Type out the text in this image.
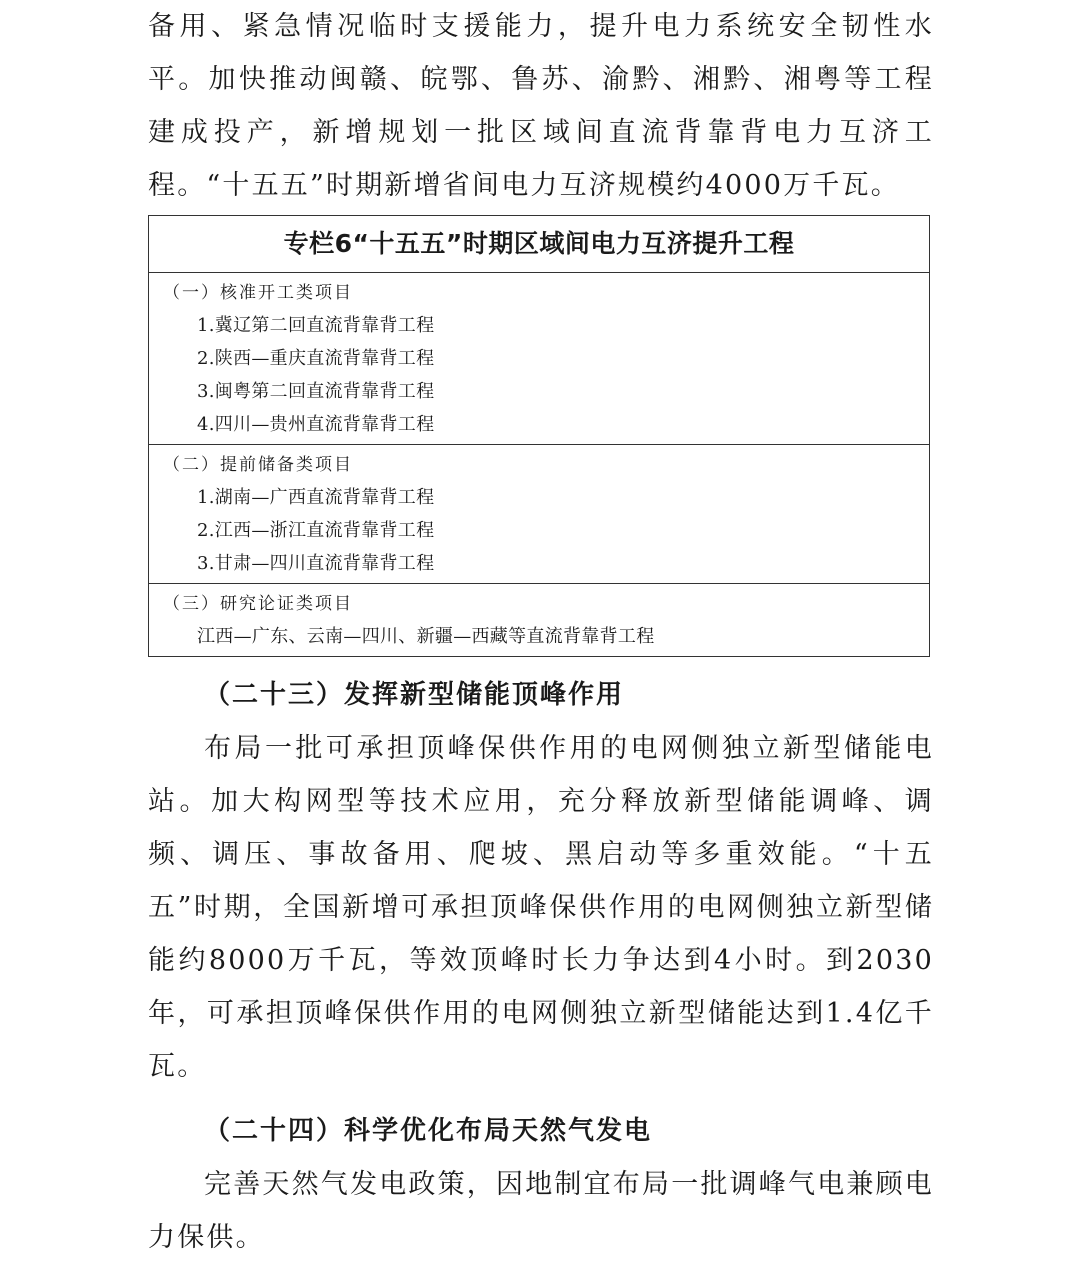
备用、紧急情况临时支援能力，提升电力系统安全韧性水平。加快推动闽赣、皖鄂、鲁苏、渝黔、湘黔、湘粤等工程建成投产，新增规划一批区域间直流背靠背电力互济工程。“十五五”时期新增省间电力互济规模约4000万千瓦。

专栏6“十五五”时期区域间电力互济提升工程
（一）核准开工类项目
1.冀辽第二回直流背靠背工程
2.陕西—重庆直流背靠背工程
3.闽粤第二回直流背靠背工程
4.四川—贵州直流背靠背工程
（二）提前储备类项目
1.湖南—广西直流背靠背工程
2.江西—浙江直流背靠背工程
3.甘肃—四川直流背靠背工程
（三）研究论证类项目
江西—广东、云南—四川、新疆—西藏等直流背靠背工程

（二十三）发挥新型储能顶峰作用

布局一批可承担顶峰保供作用的电网侧独立新型储能电站。加大构网型等技术应用，充分释放新型储能调峰、调频、调压、事故备用、爬坡、黑启动等多重效能。“十五五”时期，全国新增可承担顶峰保供作用的电网侧独立新型储能约8000万千瓦，等效顶峰时长力争达到4小时。到2030年，可承担顶峰保供作用的电网侧独立新型储能达到1.4亿千瓦。

（二十四）科学优化布局天然气发电

完善天然气发电政策，因地制宜布局一批调峰气电兼顾电力保供。
